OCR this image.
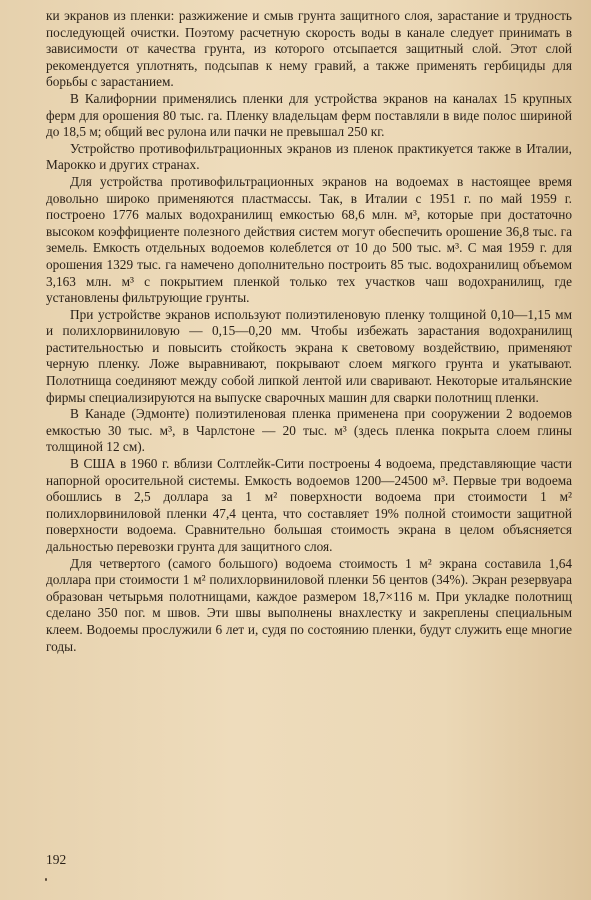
ки экранов из пленки: разжижение и смыв грунта защитного слоя, зарастание и трудность последующей очистки. Поэтому расчетную скорость воды в канале следует принимать в зависимости от качества грунта, из которого отсыпается защитный слой. Этот слой рекомендуется уплотнять, подсыпав к нему гравий, а также применять гербициды для борьбы с зарастанием.

В Калифорнии применялись пленки для устройства экранов на каналах 15 крупных ферм для орошения 80 тыс. га. Пленку владельцам ферм поставляли в виде полос шириной до 18,5 м; общий вес рулона или пачки не превышал 250 кг.

Устройство противофильтрационных экранов из пленок практикуется также в Италии, Марокко и других странах.

Для устройства противофильтрационных экранов на водоемах в настоящее время довольно широко применяются пластмассы. Так, в Италии с 1951 г. по май 1959 г. построено 1776 малых водохранилищ емкостью 68,6 млн. м³, которые при достаточно высоком коэффициенте полезного действия систем могут обеспечить орошение 36,8 тыс. га земель. Емкость отдельных водоемов колеблется от 10 до 500 тыс. м³. С мая 1959 г. для орошения 1329 тыс. га намечено дополнительно построить 85 тыс. водохранилищ объемом 3,163 млн. м³ с покрытием пленкой только тех участков чаш водохранилищ, где установлены фильтрующие грунты.

При устройстве экранов используют полиэтиленовую пленку толщиной 0,10—1,15 мм и полихлорвиниловую — 0,15—0,20 мм. Чтобы избежать зарастания водохранилищ растительностью и повысить стойкость экрана к световому воздействию, применяют черную пленку. Ложе выравнивают, покрывают слоем мягкого грунта и укатывают. Полотнища соединяют между собой липкой лентой или сваривают. Некоторые итальянские фирмы специализируются на выпуске сварочных машин для сварки полотнищ пленки.

В Канаде (Эдмонте) полиэтиленовая пленка применена при сооружении 2 водоемов емкостью 30 тыс. м³, в Чарлстоне — 20 тыс. м³ (здесь пленка покрыта слоем глины толщиной 12 см).

В США в 1960 г. вблизи Солтлейк-Сити построены 4 водоема, представляющие части напорной оросительной системы. Емкость водоемов 1200—24500 м³. Первые три водоема обошлись в 2,5 доллара за 1 м² поверхности водоема при стоимости 1 м² полихлорвиниловой пленки 47,4 цента, что составляет 19% полной стоимости защитной поверхности водоема. Сравнительно большая стоимость экрана в целом объясняется дальностью перевозки грунта для защитного слоя.

Для четвертого (самого большого) водоема стоимость 1 м² экрана составила 1,64 доллара при стоимости 1 м² полихлорвиниловой пленки 56 центов (34%). Экран резервуара образован четырьмя полотнищами, каждое размером 18,7×116 м. При укладке полотнищ сделано 350 пог. м швов. Эти швы выполнены внахлестку и закреплены специальным клеем. Водоемы прослужили 6 лет и, судя по состоянию пленки, будут служить еще многие годы.

192
